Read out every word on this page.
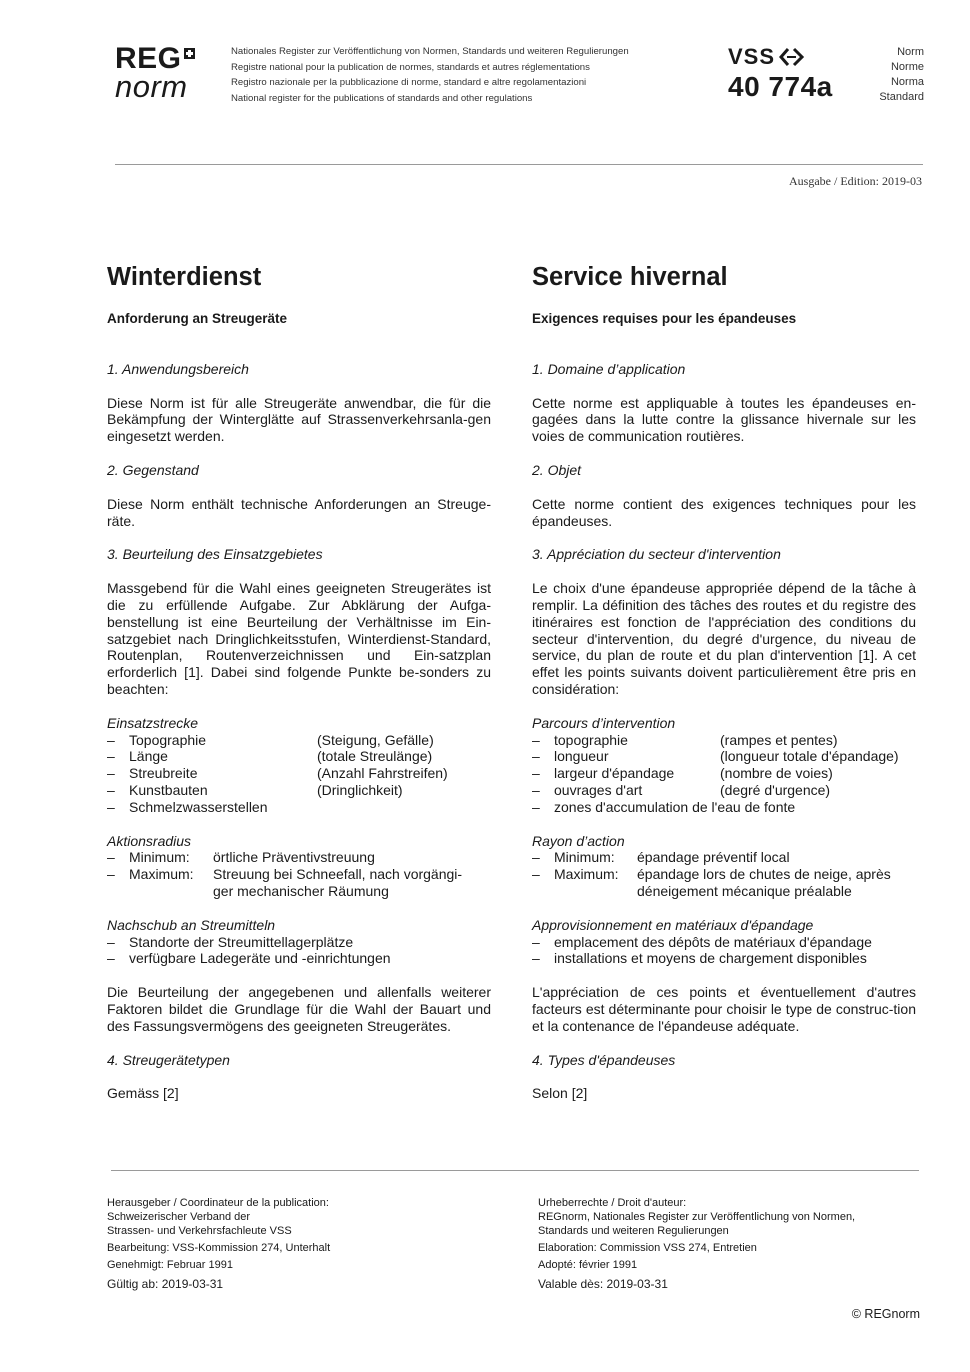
REG
norm
Nationales Register zur Veröffentlichung von Normen, Standards und weiteren Regulierungen
Registre national pour la publication de normes, standards et autres réglementations
Registro nazionale per la pubblicazione di norme, standard e altre regolamentazioni
National register for the publications of standards and other regulations
VSS
40 774a
Norm
Norme
Norma
Standard
Ausgabe / Edition: 2019-03
Winterdienst
Anforderung an Streugeräte
1. Anwendungsbereich
Diese Norm ist für alle Streugeräte anwendbar, die für die Bekämpfung der Winterglätte auf Strassenverkehrsanla-gen eingesetzt werden.
2. Gegenstand
Diese Norm enthält technische Anforderungen an Streuge-räte.
3. Beurteilung des Einsatzgebietes
Massgebend für die Wahl eines geeigneten Streugerätes ist die zu erfüllende Aufgabe. Zur Abklärung der Aufga-benstellung ist eine Beurteilung der Verhältnisse im Ein-satzgebiet nach Dringlichkeitsstufen, Winterdienst-Standard, Routenplan, Routenverzeichnissen und Ein-satzplan erforderlich [1]. Dabei sind folgende Punkte be-sonders zu beachten:
Einsatzstrecke
– Topographie	(Steigung, Gefälle)
– Länge	(totale Streulänge)
– Streubreite	(Anzahl Fahrstreifen)
– Kunstbauten	(Dringlichkeit)
– Schmelzwasserstellen
Aktionsradius
– Minimum:	örtliche Präventivstreuung
– Maximum:	Streuung bei Schneefall, nach vorgängi-ger mechanischer Räumung
Nachschub an Streumitteln
– Standorte der Streumittellagerplätze
– verfügbare Ladegeräte und -einrichtungen
Die Beurteilung der angegebenen und allenfalls weiterer Faktoren bildet die Grundlage für die Wahl der Bauart und des Fassungsvermögens des geeigneten Streugerätes.
4. Streugerätetypen
Gemäss [2]
Service hivernal
Exigences requises pour les épandeuses
1. Domaine d’application
Cette norme est appliquable à toutes les épandeuses en-gagées dans la lutte contre la glissance hivernale sur les voies de communication routières.
2. Objet
Cette norme contient des exigences techniques pour les épandeuses.
3. Appréciation du secteur d'intervention
Le choix d'une épandeuse appropriée dépend de la tâche à remplir. La définition des tâches des routes et du registre des itinéraires est fonction de l'appréciation des conditions du secteur d'intervention, du degré d'urgence, du niveau de service, du plan de route et du plan d'intervention [1]. A cet effet les points suivants doivent particulièrement être pris en considération:
Parcours d’intervention
– topographie	(rampes et pentes)
– longueur	(longueur totale d'épandage)
– largeur d'épandage	(nombre de voies)
– ouvrages d'art	(degré d'urgence)
– zones d'accumulation de l'eau de fonte
Rayon d’action
– Minimum:	épandage préventif local
– Maximum:	épandage lors de chutes de neige, après déneigement mécanique préalable
Approvisionnement en matériaux d'épandage
– emplacement des dépôts de matériaux d'épandage
– installations et moyens de chargement disponibles
L'appréciation de ces points et éventuellement d'autres facteurs est déterminante pour choisir le type de construc-tion et la contenance de l'épandeuse adéquate.
4. Types d'épandeuses
Selon [2]
Herausgeber / Coordinateur de la publication:
Schweizerischer Verband der
Strassen- und Verkehrsfachleute VSS
Bearbeitung: VSS-Kommission 274, Unterhalt
Genehmigt: Februar 1991
Gültig ab: 2019-03-31
Urheberrechte / Droit d'auteur:
REGnorm, Nationales Register zur Veröffentlichung von Normen,
Standards und weiteren Regulierungen
Elaboration: Commission VSS 274, Entretien
Adopté: février 1991
Valable dès: 2019-03-31
© REGnorm
